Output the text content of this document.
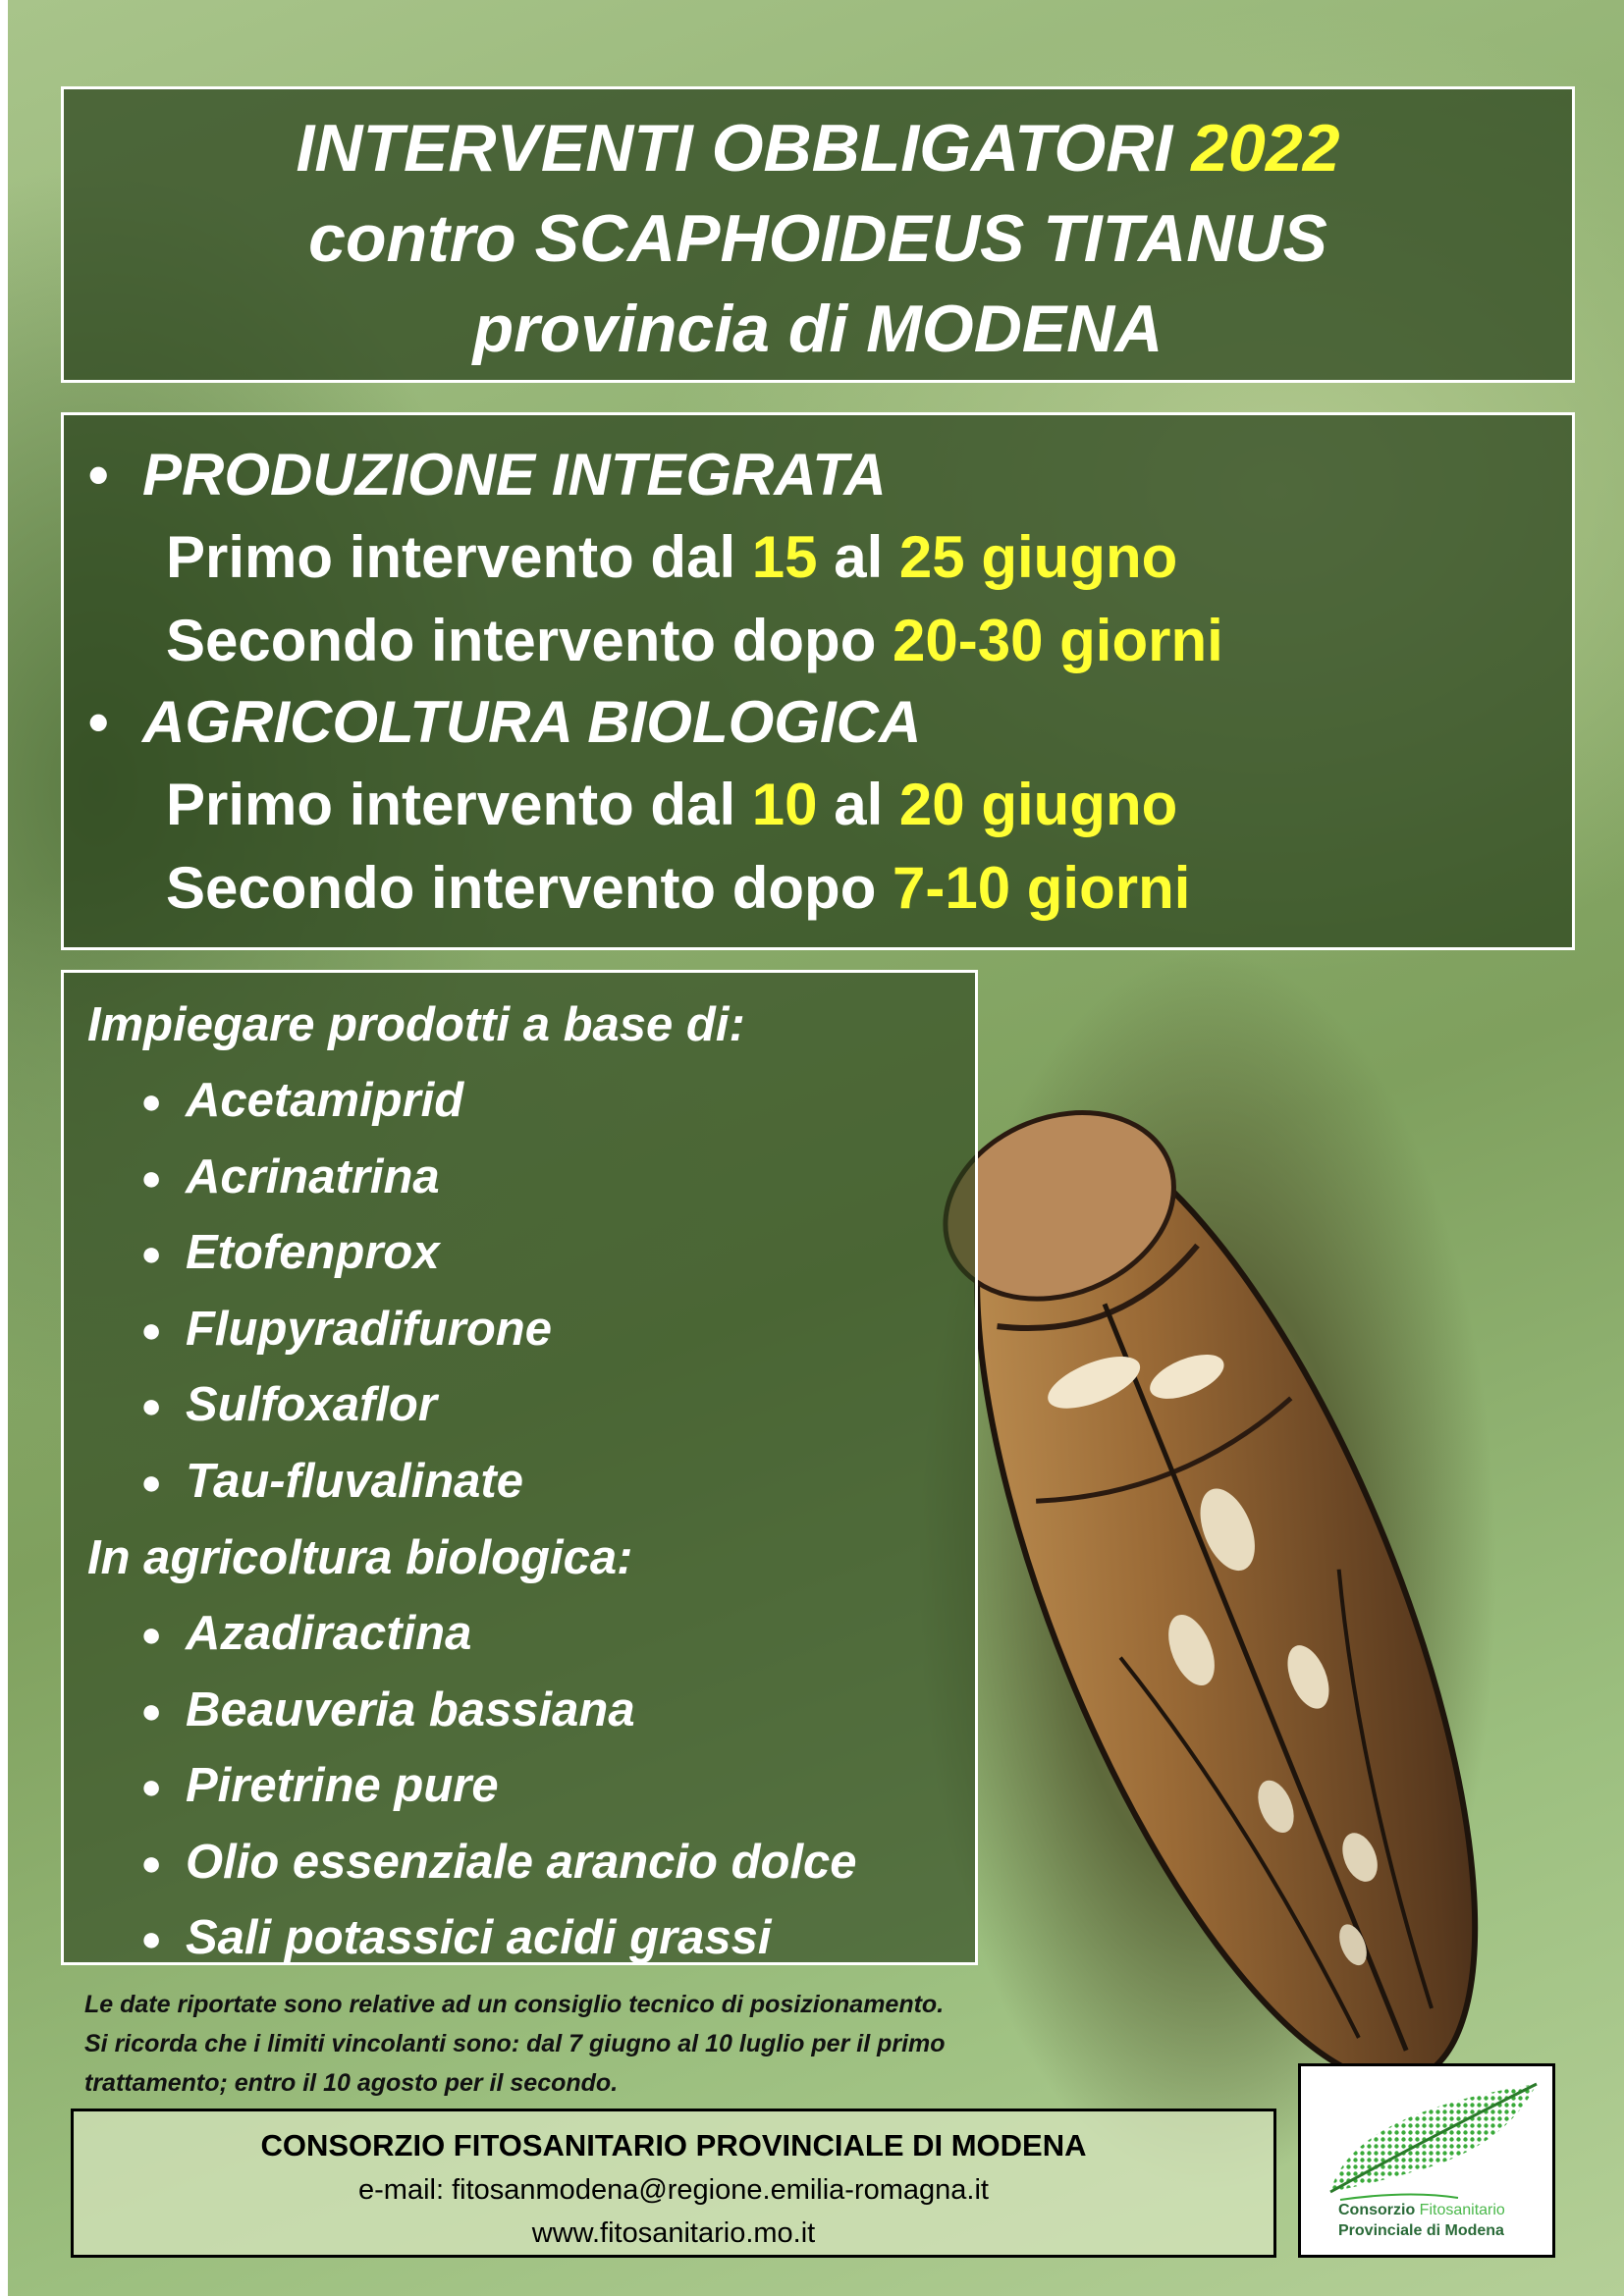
INTERVENTI OBBLIGATORI 2022
contro SCAPHOIDEUS TITANUS
provincia di MODENA
• PRODUZIONE INTEGRATA
Primo intervento dal 15 al 25 giugno
Secondo intervento dopo 20-30 giorni
• AGRICOLTURA BIOLOGICA
Primo intervento dal 10 al 20 giugno
Secondo intervento dopo 7-10 giorni
Impiegare prodotti a base di:
● Acetamiprid
● Acrinatrina
● Etofenprox
● Flupyradifurone
● Sulfoxaflor
● Tau-fluvalinate
In agricoltura biologica:
● Azadiractina
● Beauveria bassiana
● Piretrine pure
● Olio essenziale arancio dolce
● Sali potassici acidi grassi
Le date riportate sono relative ad un consiglio tecnico di posizionamento.
Si ricorda che i limiti vincolanti sono: dal 7 giugno al 10 luglio per il primo
trattamento; entro il 10 agosto per il secondo.
CONSORZIO FITOSANITARIO PROVINCIALE DI MODENA
e-mail: fitosanmodena@regione.emilia-romagna.it
www.fitosanitario.mo.it
Consorzio Fitosanitario
Provinciale di Modena
